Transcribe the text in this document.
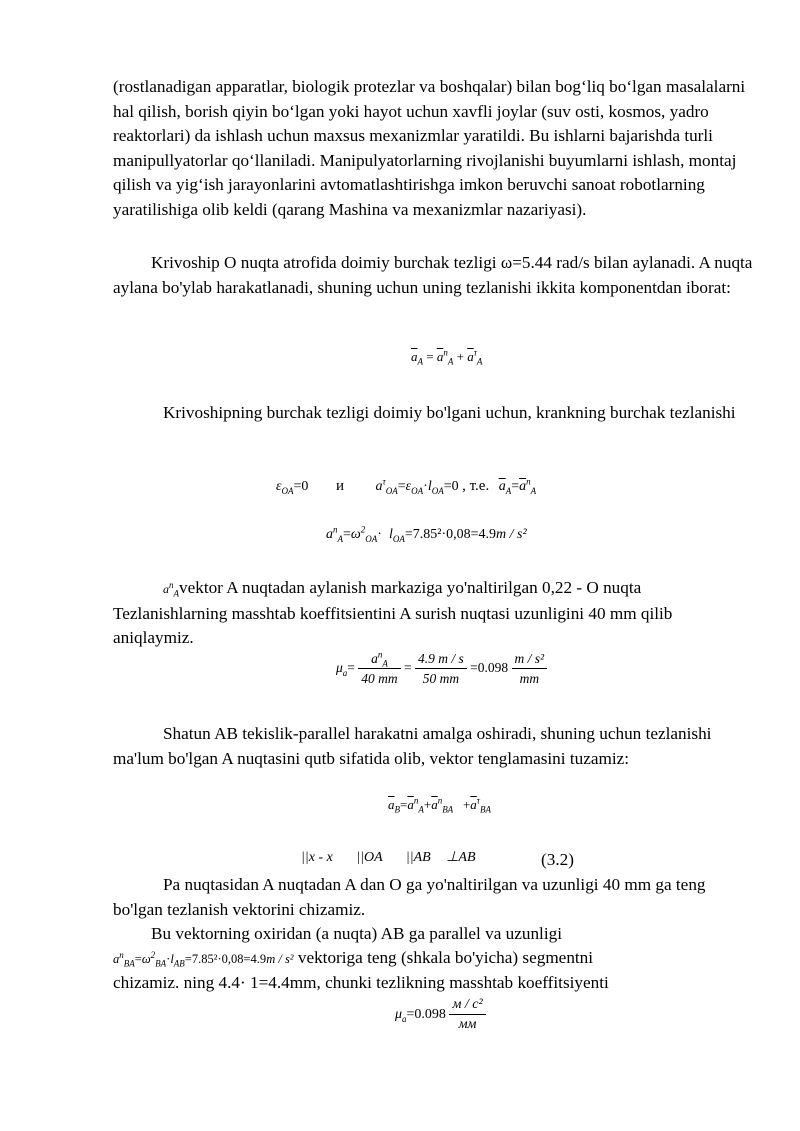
(rostlanadigan apparatlar, biologik protezlar va boshqalar) bilan bog‘liq bo‘lgan masalalarni hal qilish, borish qiyin bo‘lgan yoki hayot uchun xavfli joylar (suv osti, kosmos, yadro reaktorlari) da ishlash uchun maxsus mexanizmlar yaratildi. Bu ishlarni bajarishda turli manipullyatorlar qo‘llaniladi. Manipulyatorlarning rivojlanishi buyumlarni ishlash, montaj qilish va yig‘ish jarayonlarini avtomatlashtirishga imkon beruvchi sanoat robotlarning yaratilishiga olib keldi (qarang Mashina va mexanizmlar nazariyasi).

Krivoship O nuqta atrofida doimiy burchak tezligi ω=5.44 rad/s bilan aylanadi. A nuqta aylana bo'ylab harakatlanadi, shuning uchun uning tezlanishi ikkita komponentdan iborat:

$\overline{a}_A = \overline{a}^n_A + \overline{a}^\tau_A$

Krivoshipning burchak tezligi doimiy bo'lgani uchun, krankning burchak tezlanishi

$\varepsilon_{OA}=0$ и $a^\tau_{OA}=\varepsilon_{OA}\cdot l_{OA}=0$ , т.е. $\overline{a}_A=\overline{a}^n_A$
$a^n_A=\omega^2_{OA}\cdot l_{OA}=7.85^2\cdot 0,08=4.9m / s^2$
$a^n_Avektor$ A nuqtadan aylanish markaziga yo'naltirilgan 0,22 - O nuqta Tezlanishlarning masshtab koeffitsientini A surish nuqtasi uzunligini 40 mm qilib aniqlaymiz.
$\mu_a= \frac{a^n_A}{40 mm} = \frac{4.9 m / s}{50 mm} =0.098 \frac{\text{m / s²}}{mm}$

Shatun AB tekislik-parallel harakatni amalga oshiradi, shuning uchun tezlanishi ma'lum bo'lgan A nuqtasini qutb sifatida olib, vektor tenglamasini tuzamiz:

$\overline{a}_B=\overline{a}^n_A+\overline{a}^n_{BA} +\overline{a}^\tau_{BA}$
||x - x ||OA ||AB ⊥AB	(3.2)

Pa nuqtasidan A nuqtadan A dan O ga yo'naltirilgan va uzunligi 40 mm ga teng bo'lgan tezlanish vektorini chizamiz.

Bu vektorning oxiridan (a nuqta) AB ga parallel va uzunligi

$a^n_{BA}=\omega^2_{BA}\cdot l_{AB}=7.85^2\cdot 0,08=4.9m / s^2$ vektoriga teng (shkala bo'yicha) segmentni

chizamiz. ning 4.4· 1=4.4mm, chunki tezlikning masshtab koeffitsiyenti

$\mu_a=0.098 \frac{\text{м / с²}}{мм}$
